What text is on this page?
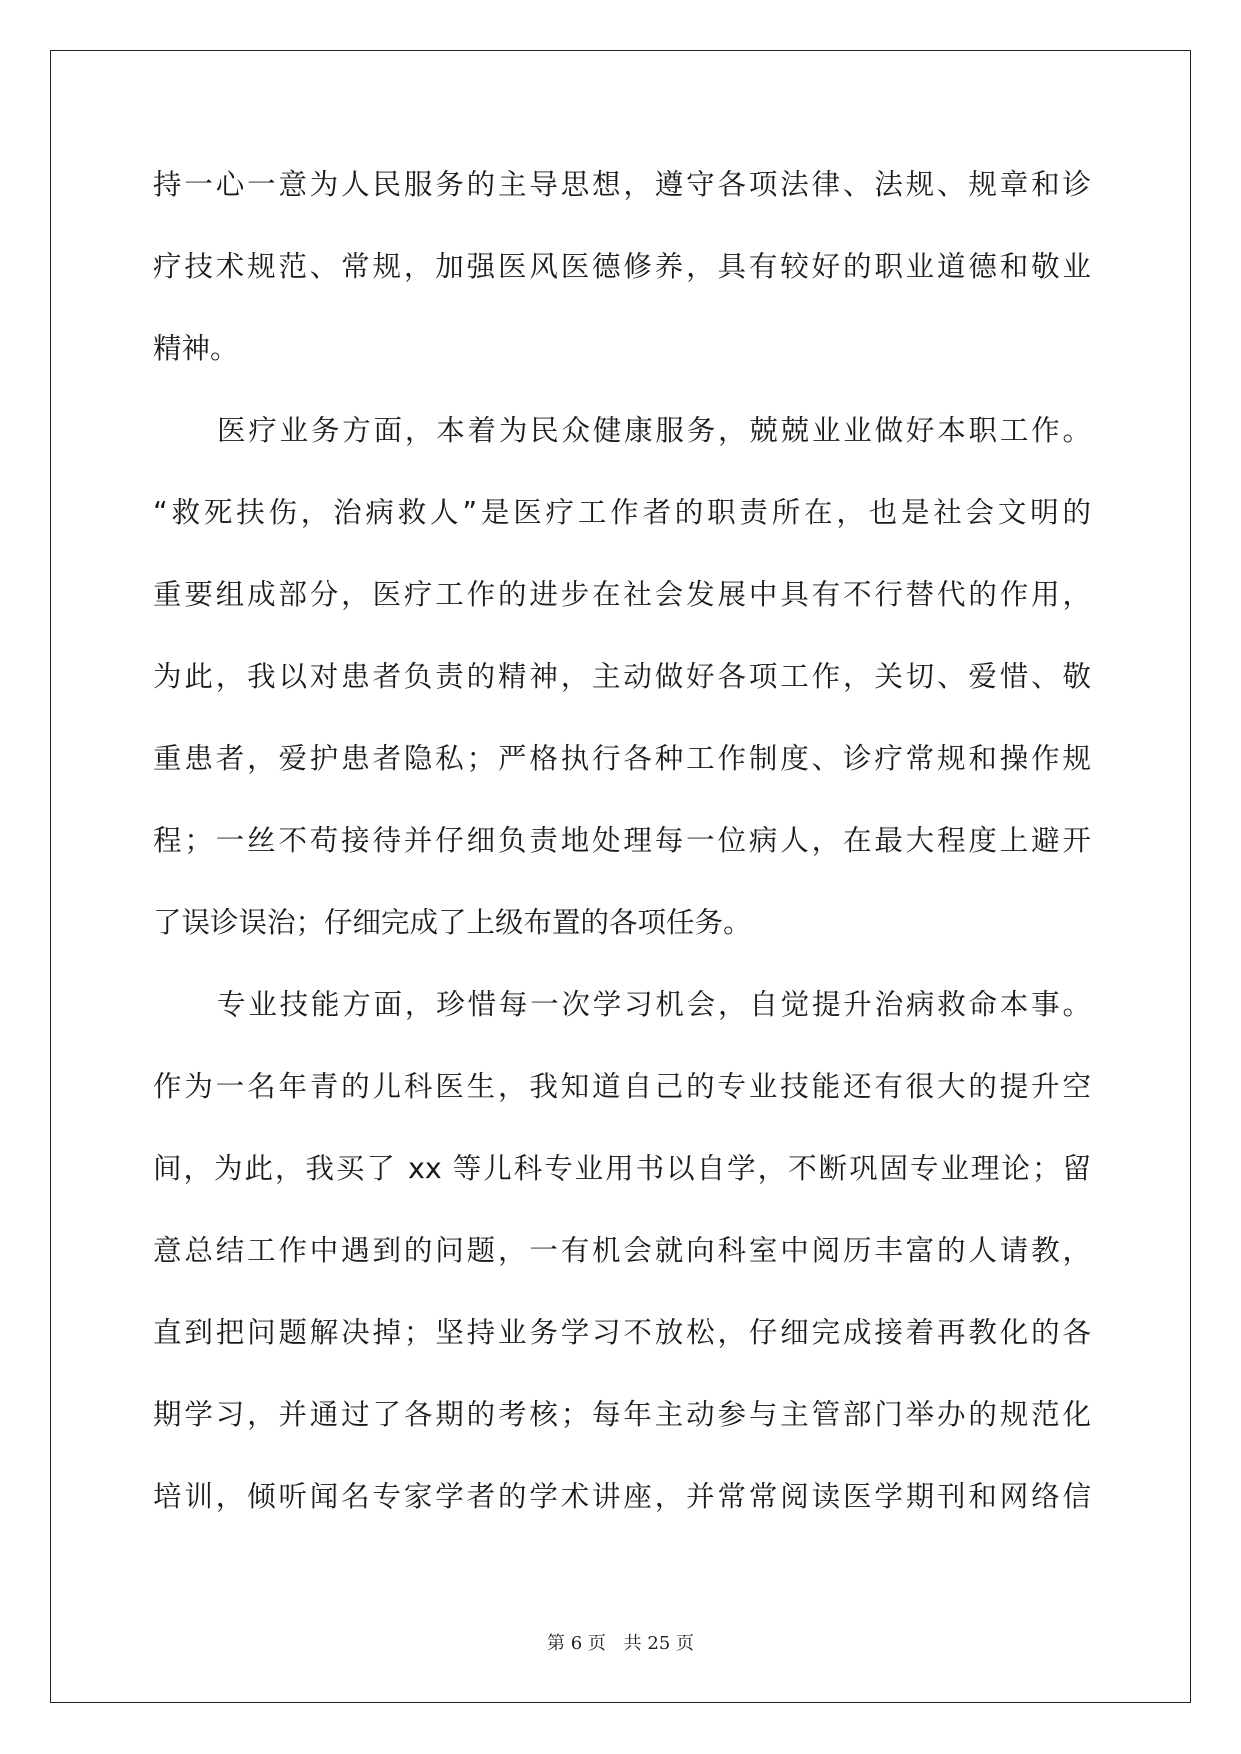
持一心一意为人民服务的主导思想，遵守各项法律、法规、规章和诊
疗技术规范、常规，加强医风医德修养，具有较好的职业道德和敬业
精神。
医疗业务方面，本着为民众健康服务，兢兢业业做好本职工作。
“救死扶伤，治病救人”是医疗工作者的职责所在，也是社会文明的
重要组成部分，医疗工作的进步在社会发展中具有不行替代的作用，
为此，我以对患者负责的精神，主动做好各项工作，关切、爱惜、敬
重患者，爱护患者隐私；严格执行各种工作制度、诊疗常规和操作规
程；一丝不苟接待并仔细负责地处理每一位病人，在最大程度上避开
了误诊误治；仔细完成了上级布置的各项任务。
专业技能方面，珍惜每一次学习机会，自觉提升治病救命本事。
作为一名年青的儿科医生，我知道自己的专业技能还有很大的提升空
间，为此，我买了 xx 等儿科专业用书以自学，不断巩固专业理论；留
意总结工作中遇到的问题，一有机会就向科室中阅历丰富的人请教，
直到把问题解决掉；坚持业务学习不放松，仔细完成接着再教化的各
期学习，并通过了各期的考核；每年主动参与主管部门举办的规范化
培训，倾听闻名专家学者的学术讲座，并常常阅读医学期刊和网络信
第 6 页 共 25 页
